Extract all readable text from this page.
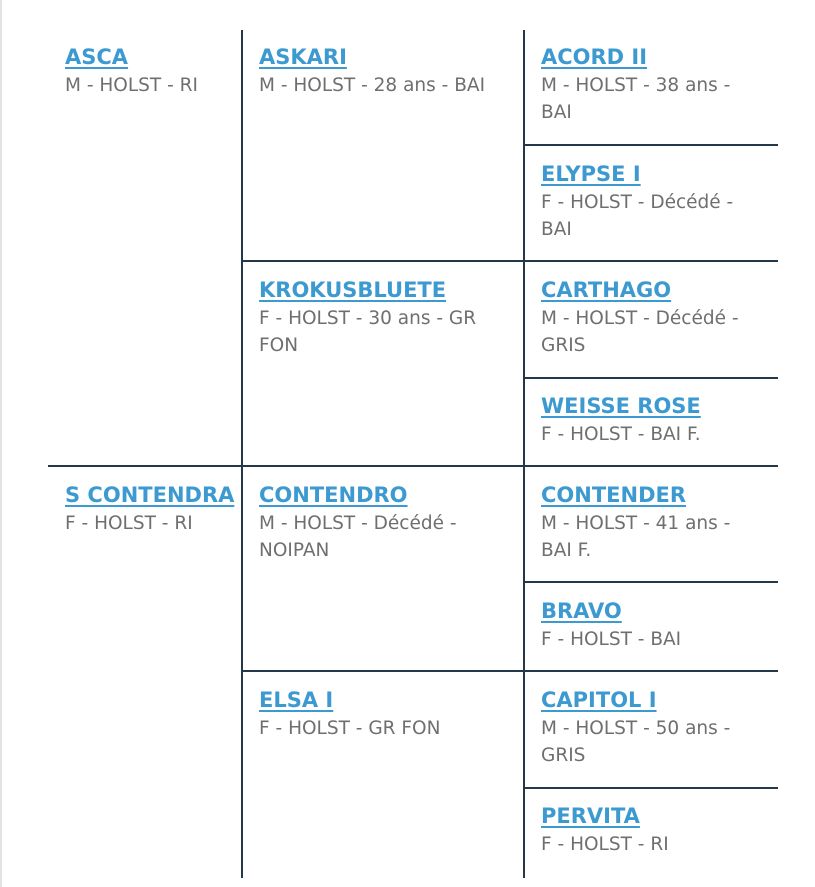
ASCA
M - HOLST - RI
S CONTENDRA
F - HOLST - RI
ASKARI
M - HOLST - 28 ans - BAI
KROKUSBLUETE
F - HOLST - 30 ans - GR FON
CONTENDRO
M - HOLST - Décédé - NOIPAN
ELSA I
F - HOLST - GR FON
ACORD II
M - HOLST - 38 ans - BAI
ELYPSE I
F - HOLST - Décédé - BAI
CARTHAGO
M - HOLST - Décédé - GRIS
WEISSE ROSE
F - HOLST - BAI F.
CONTENDER
M - HOLST - 41 ans - BAI F.
BRAVO
F - HOLST - BAI
CAPITOL I
M - HOLST - 50 ans - GRIS
PERVITA
F - HOLST - RI
